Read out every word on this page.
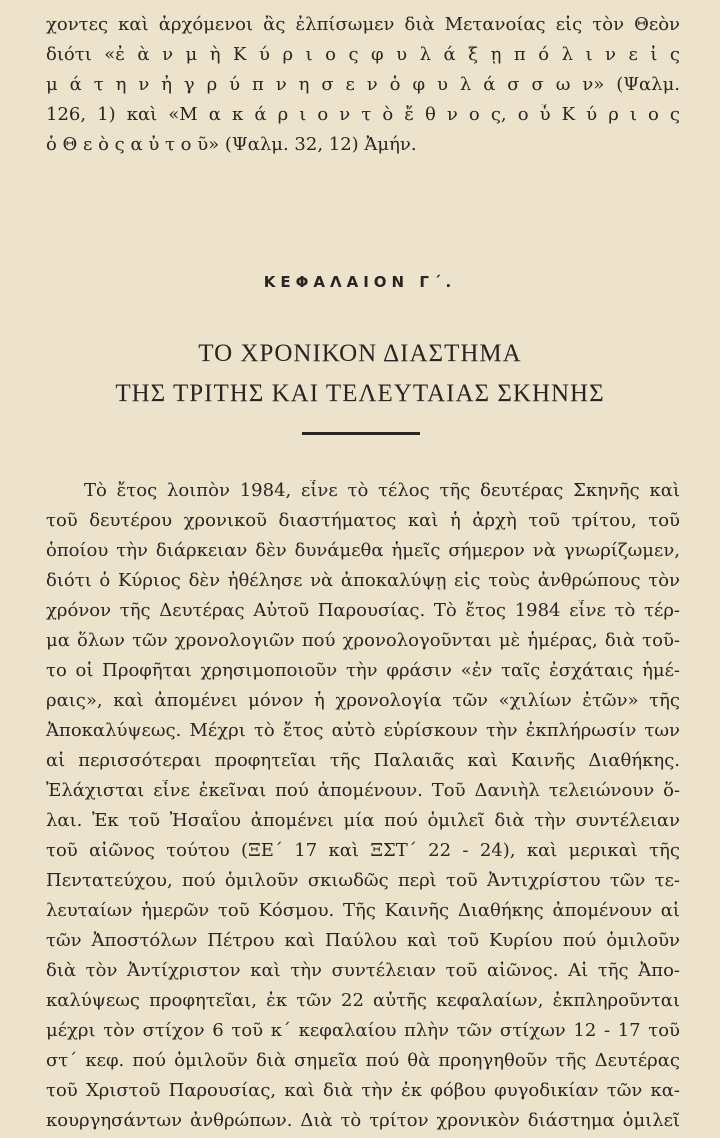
χοντες καὶ ἀρχόμενοι ἂς ἐλπίσωμεν διὰ Μετανοίας εἰς τὸν Θεὸν

διότι «ἐ ὰ ν μ ὴ Κ ύ ρ ι ο ς φ υ λ ά ξ ῃ π ό λ ι ν ε ἰ ς

μ ά τ η ν ἠ γ ρ ύ π ν η σ ε ν ὁ φ υ λ ά σ σ ω ν» (Ψαλμ.

126, 1) καὶ «Μ α κ ά ρ ι ο ν τ ὸ ἔ θ ν ο ς, ο ὗ Κ ύ ρ ι ο ς

ὁ Θ ε ὸ ς α ὐ τ ο ῦ» (Ψαλμ. 32, 12) Ἀμήν.

ΚΕΦΑΛΑΙΟΝ Γ΄.

ΤΟ ΧΡΟΝΙΚΟΝ ΔΙΑΣΤΗΜΑ

ΤΗΣ ΤΡΙΤΗΣ ΚΑΙ ΤΕΛΕΥΤΑΙΑΣ ΣΚΗΝΗΣ

Τὸ ἔτος λοιπὸν 1984, εἶνε τὸ τέλος τῆς δευτέρας Σκηνῆς καὶ

τοῦ δευτέρου χρονικοῦ διαστήματος καὶ ἡ ἀρχὴ τοῦ τρίτου, τοῦ

ὁποίου τὴν διάρκειαν δὲν δυνάμεθα ἡμεῖς σήμερον νὰ γνωρίζωμεν,

διότι ὁ Κύριος δὲν ἠθέλησε νὰ ἀποκαλύψῃ εἰς τοὺς ἀνθρώπους τὸν

χρόνον τῆς Δευτέρας Αὐτοῦ Παρουσίας. Τὸ ἔτος 1984 εἶνε τὸ τέρ-

μα ὅλων τῶν χρονολογιῶν πού χρονολογοῦνται μὲ ἡμέρας, διὰ τοῦ-

το οἱ Προφῆται χρησιμοποιοῦν τὴν φράσιν «ἐν ταῖς ἐσχάταις ἡμέ-

ραις», καὶ ἀπομένει μόνον ἡ χρονολογία τῶν «χιλίων ἐτῶν» τῆς

Ἀποκαλύψεως. Μέχρι τὸ ἔτος αὐτὸ εὑρίσκουν τὴν ἐκπλήρωσίν των

αἱ περισσότεραι προφητεῖαι τῆς Παλαιᾶς καὶ Καινῆς Διαθήκης.

Ἐλάχισται εἶνε ἐκεῖναι πού ἀπομένουν. Τοῦ Δανιὴλ τελειώνουν ὅ-

λαι. Ἐκ τοῦ Ἠσαΐου ἀπομένει μία πού ὁμιλεῖ διὰ τὴν συντέλειαν

τοῦ αἰῶνος τούτου (ΞΕ΄ 17 καὶ ΞΣΤ΄ 22 - 24), καὶ μερικαὶ τῆς

Πεντατεύχου, πού ὁμιλοῦν σκιωδῶς περὶ τοῦ Ἀντιχρίστου τῶν τε-

λευταίων ἡμερῶν τοῦ Κόσμου. Τῆς Καινῆς Διαθήκης ἀπομένουν αἱ

τῶν Ἀποστόλων Πέτρου καὶ Παύλου καὶ τοῦ Κυρίου πού ὁμιλοῦν

διὰ τὸν Ἀντίχριστον καὶ τὴν συντέλειαν τοῦ αἰῶνος. Αἱ τῆς Ἀπο-

καλύψεως προφητεῖαι, ἐκ τῶν 22 αὐτῆς κεφαλαίων, ἐκπληροῦνται

μέχρι τὸν στίχον 6 τοῦ κ΄ κεφαλαίου πλὴν τῶν στίχων 12 - 17 τοῦ

στ΄ κεφ. πού ὁμιλοῦν διὰ σημεῖα πού θὰ προηγηθοῦν τῆς Δευτέρας

τοῦ Χριστοῦ Παρουσίας, καὶ διὰ τὴν ἐκ φόβου φυγοδικίαν τῶν κα-

κουργησάντων ἀνθρώπων. Διὰ τὸ τρίτον χρονικὸν διάστημα ὁμιλεῖ
